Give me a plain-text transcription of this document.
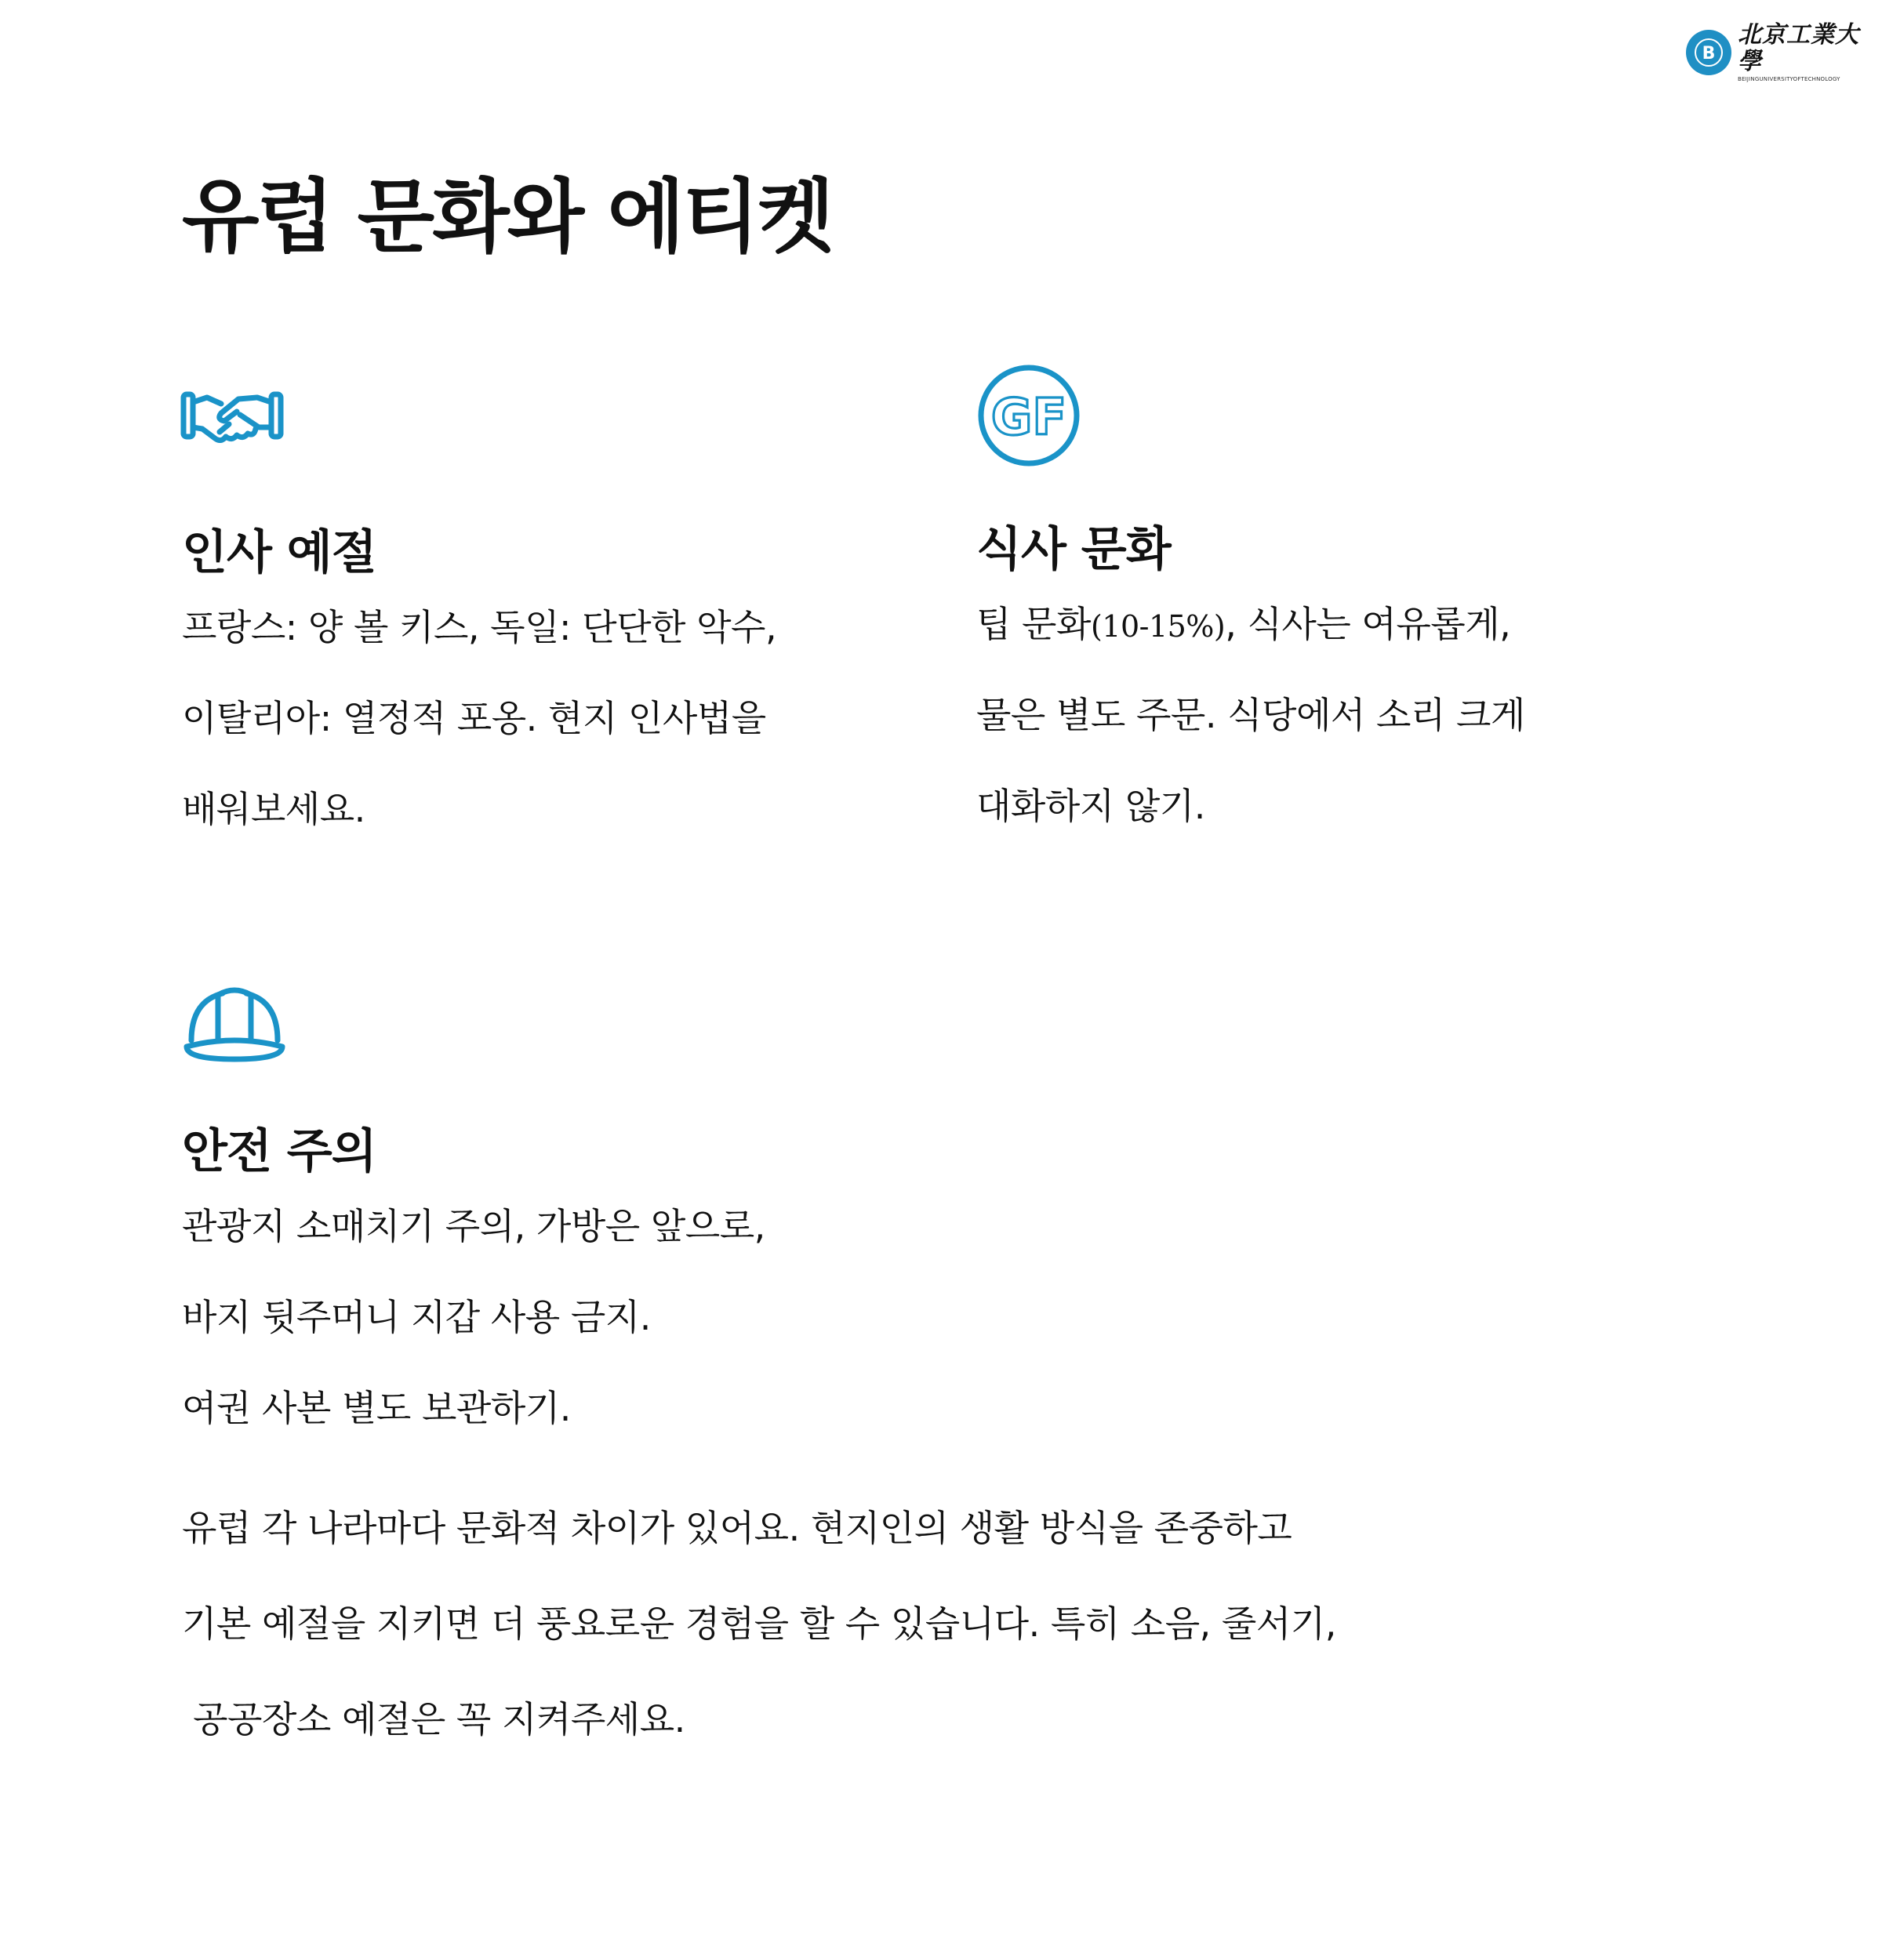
B
北京工業大學
BEIJINGUNIVERSITYOFTECHNOLOGY
유럽 문화와 에티켓
인사 예절

프랑스: 양 볼 키스, 독일: 단단한 악수,

이탈리아: 열정적 포옹. 현지 인사법을

배워보세요.

GF
식사 문화

팁 문화(10-15%), 식사는 여유롭게,

물은 별도 주문. 식당에서 소리 크게

대화하지 않기.

안전 주의

관광지 소매치기 주의, 가방은 앞으로,

바지 뒷주머니 지갑 사용 금지.

여권 사본 별도 보관하기.

유럽 각 나라마다 문화적 차이가 있어요. 현지인의 생활 방식을 존중하고

기본 예절을 지키면 더 풍요로운 경험을 할 수 있습니다. 특히 소음, 줄서기,

공공장소 예절은 꼭 지켜주세요.
